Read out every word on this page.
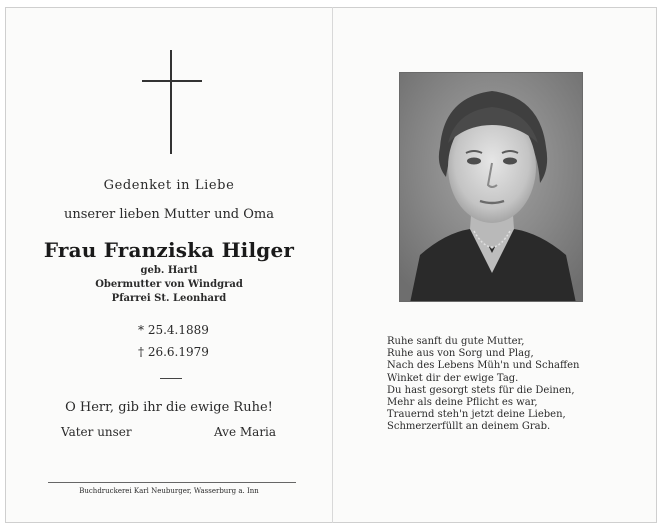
Gedenket in Liebe
unserer lieben Mutter und Oma
Frau Franziska Hilger
geb. Hartl
Obermutter von Windgrad
Pfarrei St. Leonhard
* 25.4.1889
† 26.6.1979
O Herr, gib ihr die ewige Ruhe!
Vater unser	Ave Maria
Buchdruckerei Karl Neuburger, Wasserburg a. Inn
Ruhe sanft du gute Mutter,
Ruhe aus von Sorg und Plag,
Nach des Lebens Müh'n und Schaffen
Winket dir der ewige Tag.
Du hast gesorgt stets für die Deinen,
Mehr als deine Pflicht es war,
Trauernd steh'n jetzt deine Lieben,
Schmerzerfüllt an deinem Grab.
